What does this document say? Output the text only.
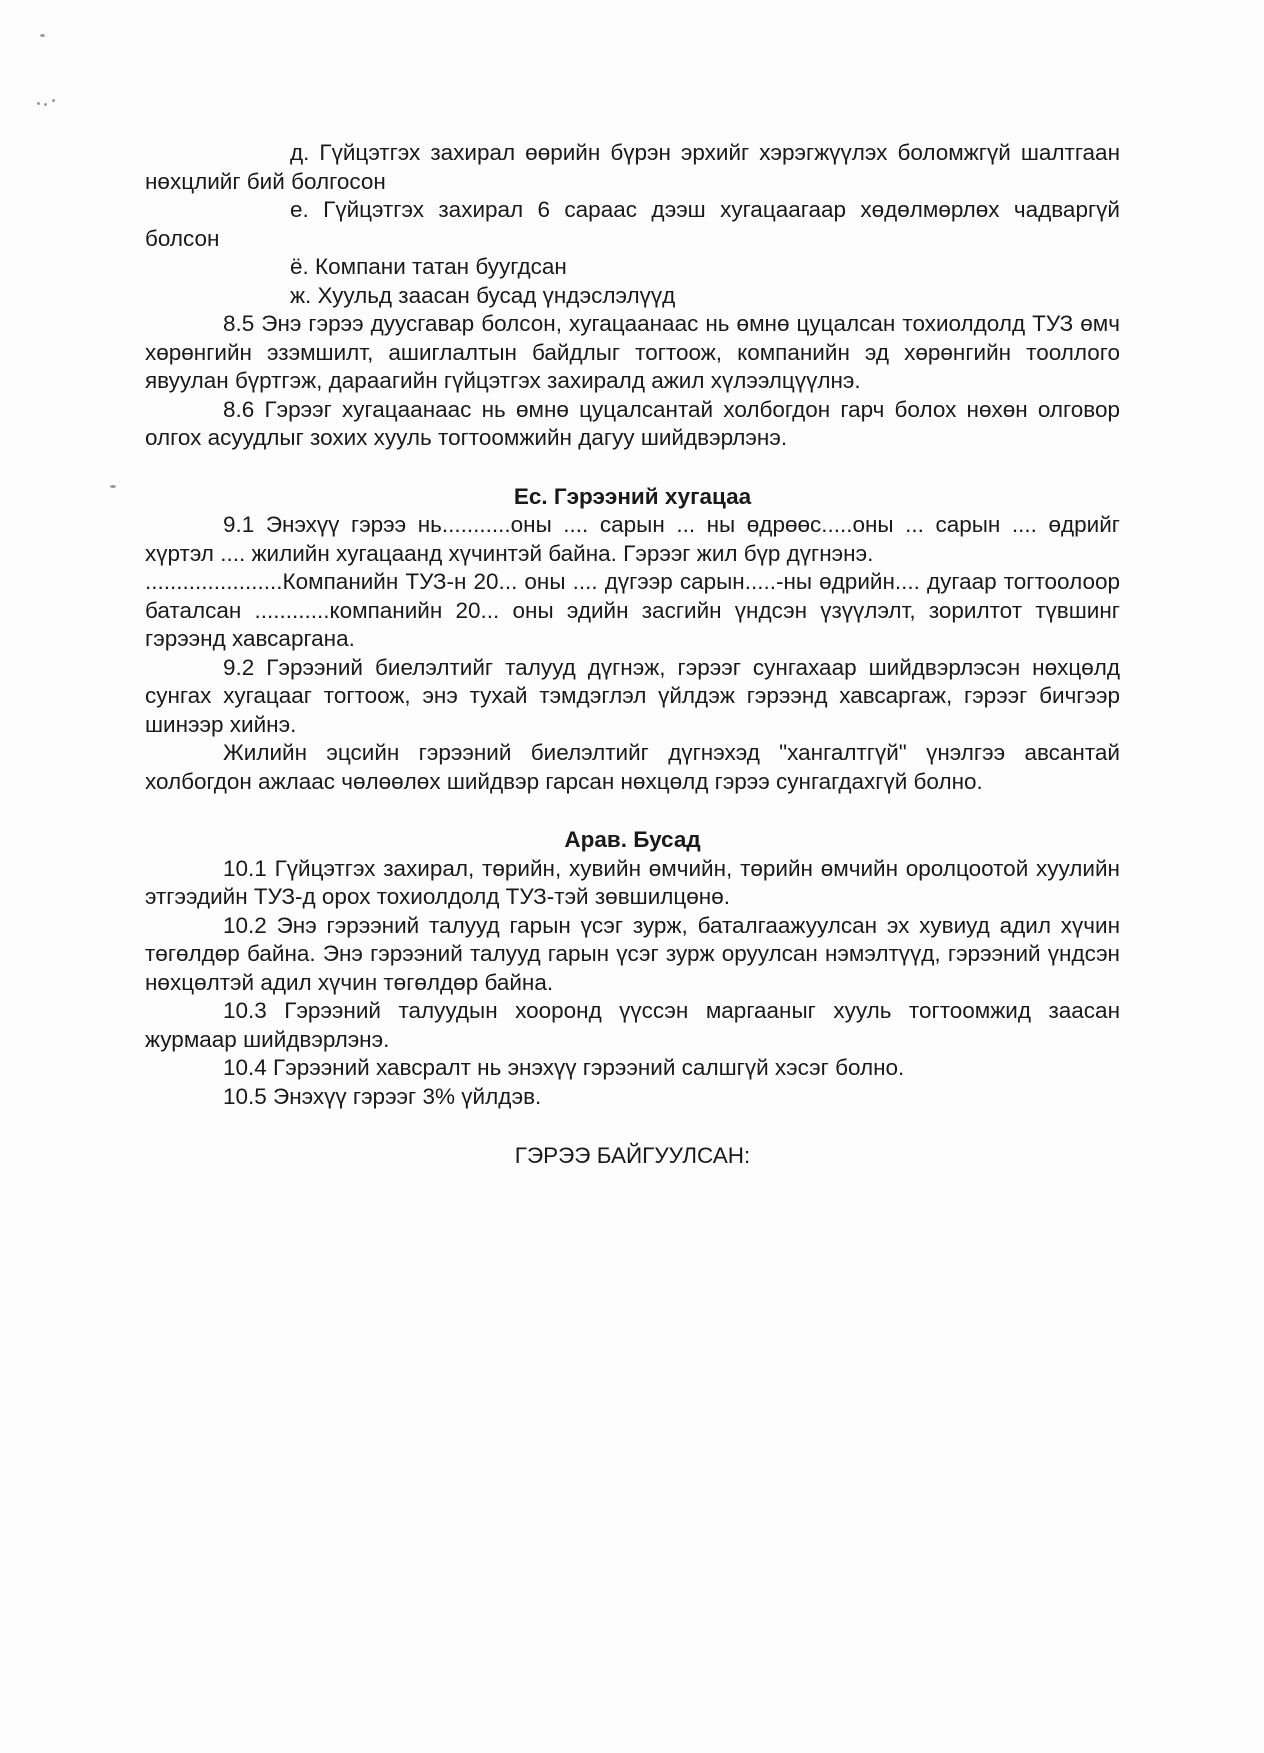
д. Гүйцэтгэх захирал өөрийн бүрэн эрхийг хэрэгжүүлэх боломжгүй шалтгаан нөхцлийг бий болгосон

е. Гүйцэтгэх захирал 6 сараас дээш хугацаагаар хөдөлмөрлөх чадваргүй болсон

ё. Компани татан буугдсан

ж. Хуульд заасан бусад үндэслэлүүд

8.5 Энэ гэрээ дуусгавар болсон, хугацаанаас нь өмнө цуцалсан тохиолдолд ТУЗ өмч хөрөнгийн эзэмшилт, ашиглалтын байдлыг тогтоож, компанийн эд хөрөнгийн тооллого явуулан бүртгэж, дараагийн гүйцэтгэх захиралд ажил хүлээлцүүлнэ.

8.6 Гэрээг хугацаанаас нь өмнө цуцалсантай холбогдон гарч болох нөхөн олговор олгох асуудлыг зохих хууль тогтоомжийн дагуу шийдвэрлэнэ.

Ес. Гэрээний хугацаа

9.1 Энэхүү гэрээ нь...........оны .... сарын ... ны өдрөөс.....оны ... сарын .... өдрийг хүртэл .... жилийн хугацаанд хүчинтэй байна. Гэрээг жил бүр дүгнэнэ.

......................Компанийн ТУЗ-н 20... оны .... дүгээр сарын.....-ны өдрийн.... дугаар тогтоолоор баталсан ............компанийн 20... оны эдийн засгийн үндсэн үзүүлэлт, зорилтот түвшинг гэрээнд хавсаргана.

9.2 Гэрээний биелэлтийг талууд дүгнэж, гэрээг сунгахаар шийдвэрлэсэн нөхцөлд сунгах хугацааг тогтоож, энэ тухай тэмдэглэл үйлдэж гэрээнд хавсаргаж, гэрээг бичгээр шинээр хийнэ.

Жилийн эцсийн гэрээний биелэлтийг дүгнэхэд "хангалтгүй" үнэлгээ авсантай холбогдон ажлаас чөлөөлөх шийдвэр гарсан нөхцөлд гэрээ сунгагдахгүй болно.

Арав. Бусад

10.1 Гүйцэтгэх захирал, төрийн, хувийн өмчийн, төрийн өмчийн оролцоотой хуулийн этгээдийн ТУЗ-д орох тохиолдолд ТУЗ-тэй зөвшилцөнө.

10.2 Энэ гэрээний талууд гарын үсэг зурж, баталгаажуулсан эх хувиуд адил хүчин төгөлдөр байна. Энэ гэрээний талууд гарын үсэг зурж оруулсан нэмэлтүүд, гэрээний үндсэн нөхцөлтэй адил хүчин төгөлдөр байна.

10.3 Гэрээний талуудын хооронд үүссэн маргааныг хууль тогтоомжид заасан журмаар шийдвэрлэнэ.

10.4 Гэрээний хавсралт нь энэхүү гэрээний салшгүй хэсэг болно.

10.5 Энэхүү гэрээг 3% үйлдэв.

ГЭРЭЭ БАЙГУУЛСАН:
